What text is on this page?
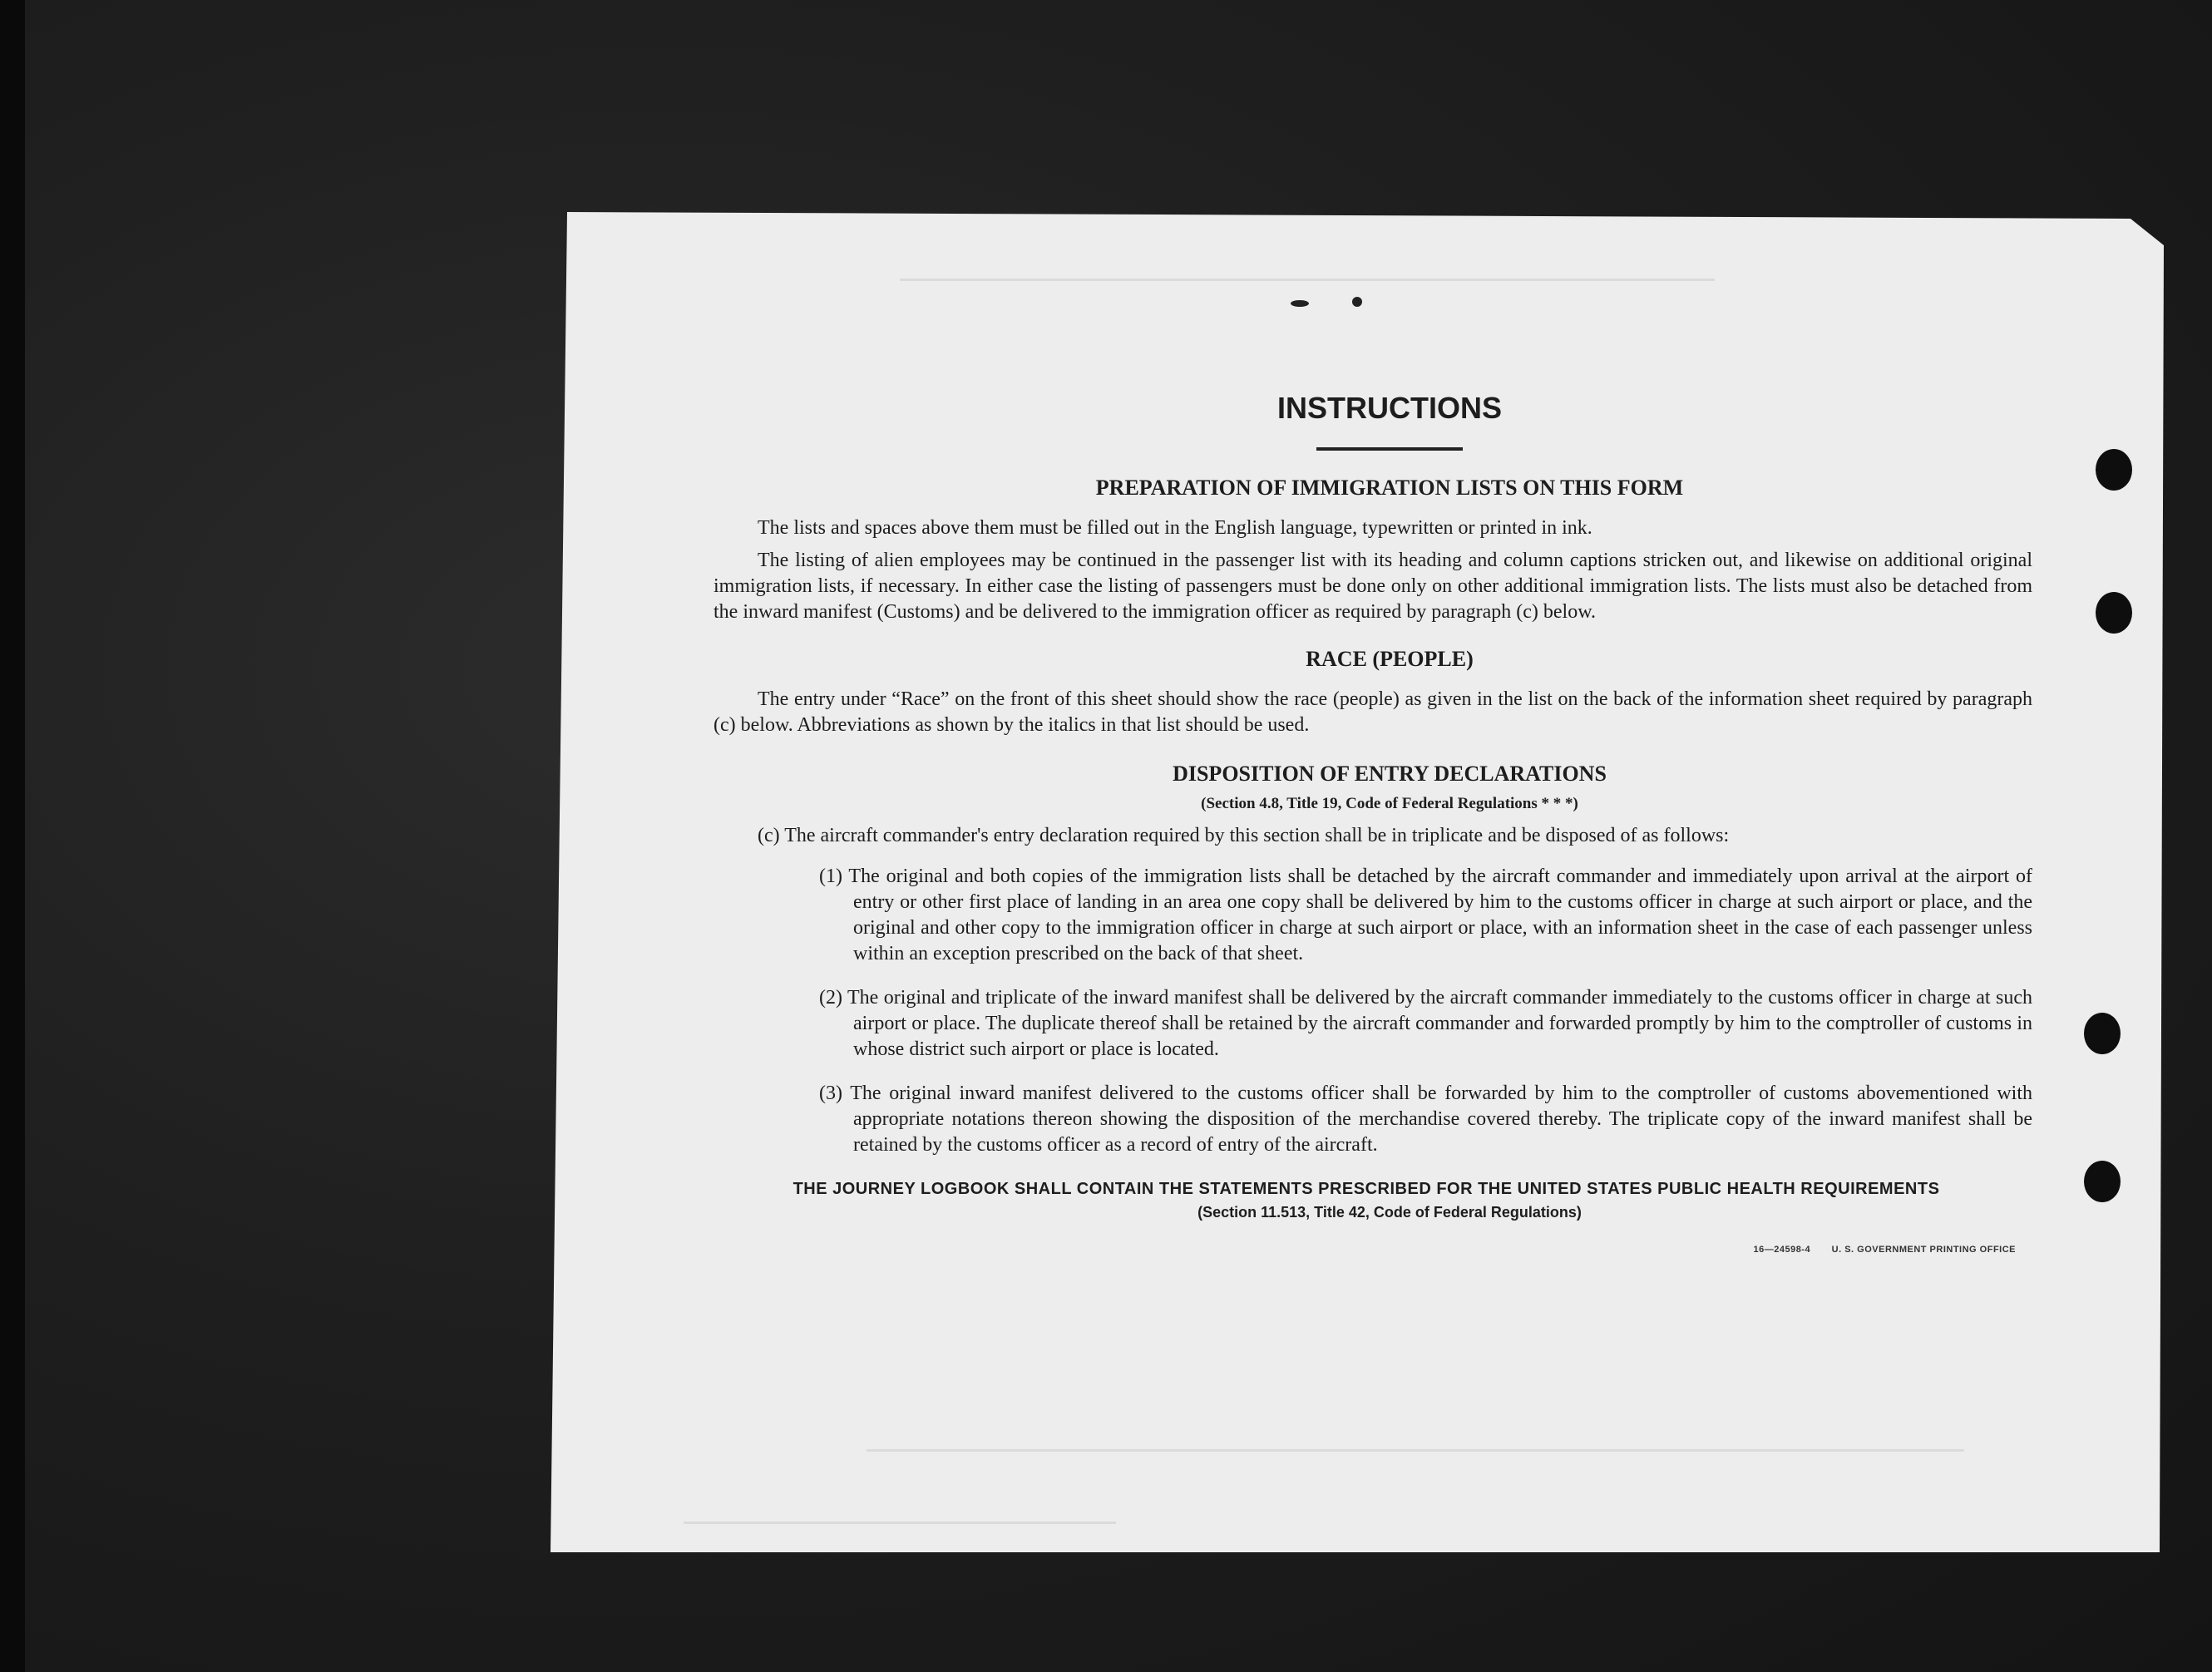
INSTRUCTIONS
PREPARATION OF IMMIGRATION LISTS ON THIS FORM

The lists and spaces above them must be filled out in the English language, typewritten or printed in ink.

The listing of alien employees may be continued in the passenger list with its heading and column captions stricken out, and likewise on additional original immigration lists, if necessary. In either case the listing of passengers must be done only on other additional immigration lists. The lists must also be detached from the inward manifest (Customs) and be delivered to the immigration officer as required by paragraph (c) below.

RACE (PEOPLE)

The entry under “Race” on the front of this sheet should show the race (people) as given in the list on the back of the information sheet required by paragraph (c) below. Abbreviations as shown by the italics in that list should be used.

DISPOSITION OF ENTRY DECLARATIONS

(Section 4.8, Title 19, Code of Federal Regulations * * *)

(c) The aircraft commander's entry declaration required by this section shall be in triplicate and be disposed of as follows:

(1) The original and both copies of the immigration lists shall be detached by the aircraft commander and immediately upon arrival at the airport of entry or other first place of landing in an area one copy shall be delivered by him to the customs officer in charge at such airport or place, and the original and other copy to the immigration officer in charge at such airport or place, with an information sheet in the case of each passenger unless within an exception prescribed on the back of that sheet.

(2) The original and triplicate of the inward manifest shall be delivered by the aircraft commander immediately to the customs officer in charge at such airport or place. The duplicate thereof shall be retained by the aircraft commander and forwarded promptly by him to the comptroller of customs in whose district such airport or place is located.

(3) The original inward manifest delivered to the customs officer shall be forwarded by him to the comptroller of customs abovementioned with appropriate notations thereon showing the disposition of the merchandise covered thereby. The triplicate copy of the inward manifest shall be retained by the customs officer as a record of entry of the aircraft.

THE JOURNEY LOGBOOK SHALL CONTAIN THE STATEMENTS PRESCRIBED FOR THE UNITED STATES PUBLIC HEALTH REQUIREMENTS

(Section 11.513, Title 42, Code of Federal Regulations)

16—24598-4 U. S. GOVERNMENT PRINTING OFFICE
